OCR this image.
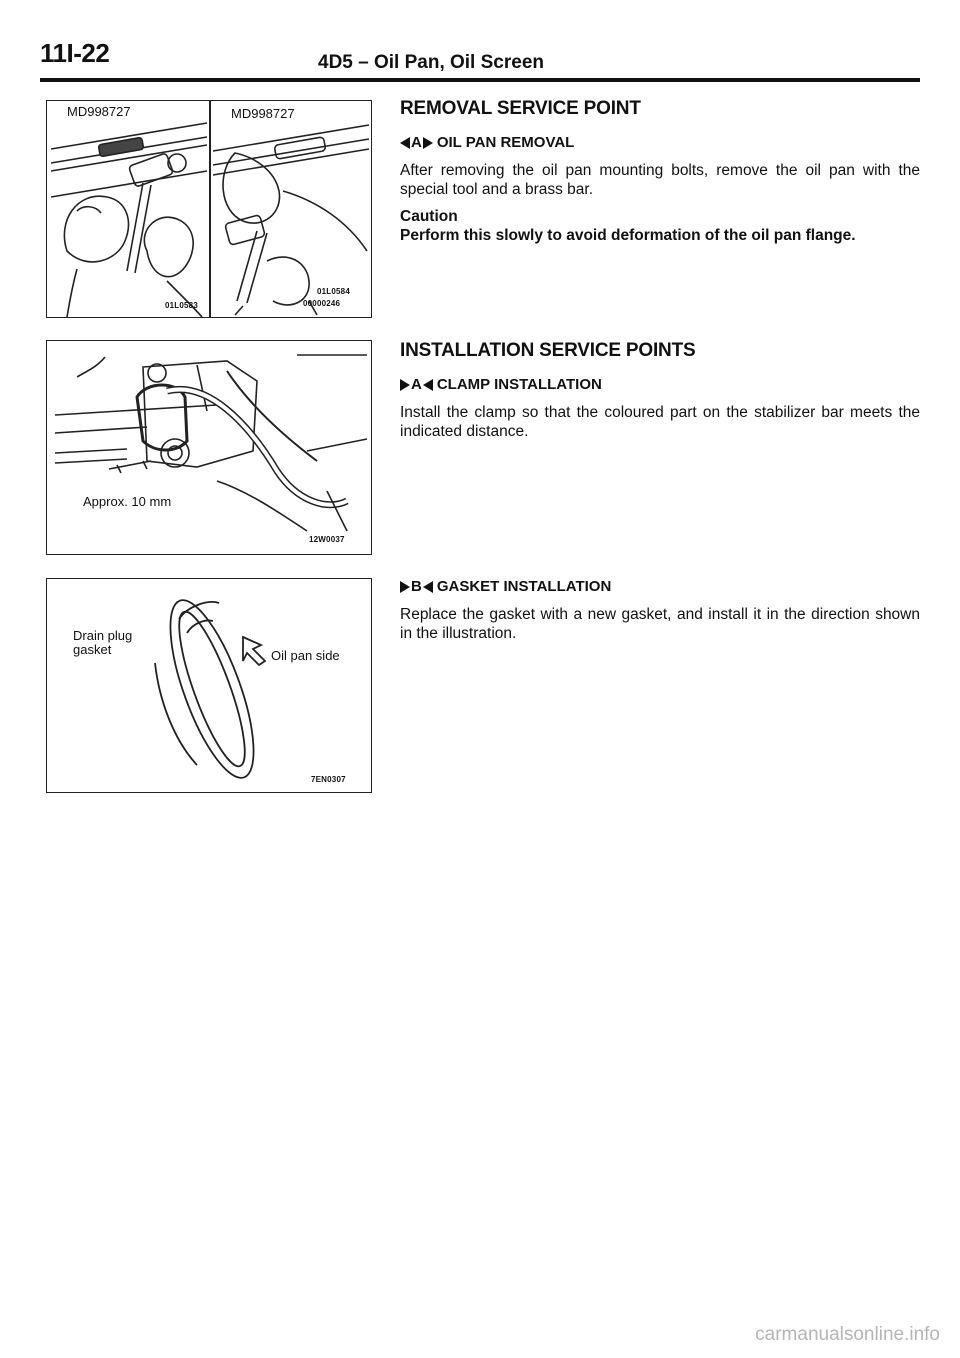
11I-22	4D5 – Oil Pan, Oil Screen
MD998727	MD998727
01L0583
01L0584
00000246
Approx. 10 mm
12W0037
Drain plug
gasket	Oil pan side
7EN0307

REMOVAL SERVICE POINT

A OIL PAN REMOVAL

After removing the oil pan mounting bolts, remove the oil pan with the special tool and a brass bar.

Caution

Perform this slowly to avoid deformation of the oil pan flange.

INSTALLATION SERVICE POINTS

A CLAMP INSTALLATION

Install the clamp so that the coloured part on the stabilizer bar meets the indicated distance.

B GASKET INSTALLATION

Replace the gasket with a new gasket, and install it in the direction shown in the illustration.

carmanualsonline.info
